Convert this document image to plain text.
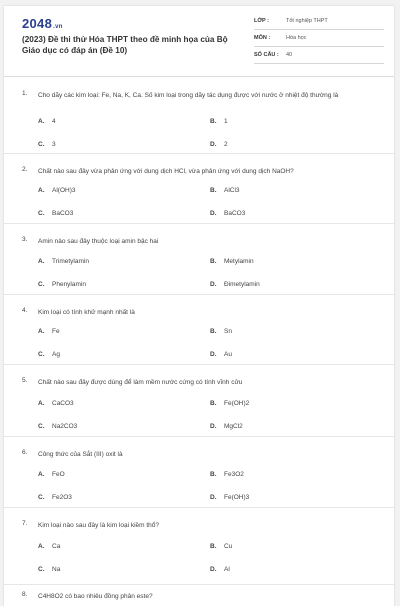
2048.vn
(2023) Đề thi thử Hóa THPT theo đề minh họa của Bộ Giáo dục có đáp án (Đề 10)
LỚP :	Tốt nghiệp THPT
MÔN :	Hóa học
SỐ CÂU : 40
1. Cho dãy các kim loại: Fe, Na, K, Ca. Số kim loại trong dãy tác dụng được với nước ở nhiệt độ thường là
A. 4	B. 1
C. 3	D. 2
2. Chất nào sau đây vừa phản ứng với dung dịch HCl, vừa phản ứng với dung dịch NaOH?
A. Al(OH)3	B. AlCl3
C. BaCO3	D. BaCO3
3. Amin nào sau đây thuộc loại amin bậc hai
A. Trimetylamin	B. Metylamin
C. Phenylamin	D. Đimetylamin
4. Kim loại có tính khử mạnh nhất là
A. Fe	B. Sn
C. Ag	D. Au
5. Chất nào sau đây được dùng để làm mềm nước cứng có tính vĩnh cửu
A. CaCO3	B. Fe(OH)2
C. Na2CO3	D. MgCl2
6. Công thức của Sắt (III) oxit là
A. FeO	B. Fe3O2
C. Fe2O3	D. Fe(OH)3
7. Kim loại nào sau đây là kim loại kiềm thổ?
A. Ca	B. Cu
C. Na	D. Al
8. C4H8O2 có bao nhiêu đồng phân este?
